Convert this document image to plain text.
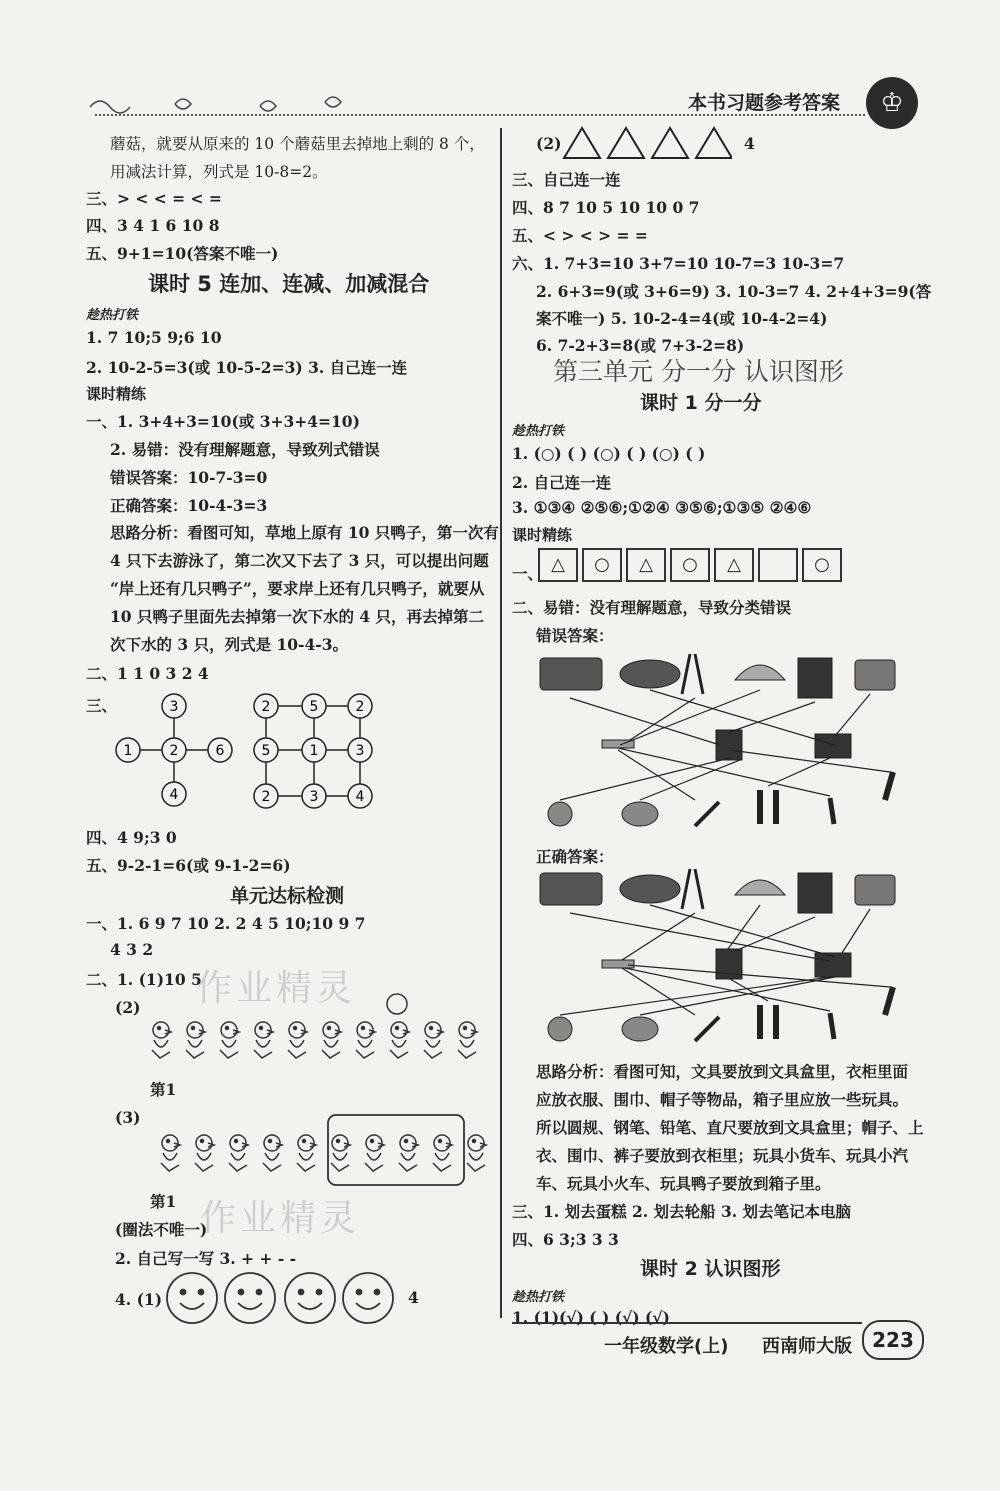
本书习题参考答案	♔
蘑菇，就要从原来的 10 个蘑菇里去掉地上剩的 8 个，
用减法计算，列式是 10-8=2。
三、> < < = < =
四、3 4 1 6 10 8
五、9+1=10(答案不唯一)
课时 5 连加、连减、加减混合
趁热打铁
1. 7 10;5 9;6 10
2. 10-2-5=3(或 10-5-2=3) 3. 自己连一连
课时精练
一、1. 3+4+3=10(或 3+3+4=10)
2. 易错：没有理解题意，导致列式错误
错误答案：10-7-3=0
正确答案：10-4-3=3
思路分析：看图可知，草地上原有 10 只鸭子，第一次有
4 只下去游泳了，第二次又下去了 3 只，可以提出问题
“岸上还有几只鸭子”，要求岸上还有几只鸭子，就要从
10 只鸭子里面先去掉第一次下水的 4 只，再去掉第二
次下水的 3 只，列式是 10-4-3。
二、1 1 0 3 2 4
三、	3
1	2	6
4
2	5	2
5	1	3
2	3	4
四、4 9;3 0
五、9-2-1=6(或 9-1-2=6)
单元达标检测
一、1. 6 9 7 10 2. 2 4 5 10;10 9 7
4 3 2
二、1. (1)10 5
作业精灵
(2)
第1
(3)
第1 作业精灵
(圈法不唯一)
2. 自己写一写 3. + + - -
4. (1)	4
(2)	4
三、自己连一连
四、8 7 10 5 10 10 0 7
五、< > < > = =
六、1. 7+3=10 3+7=10 10-7=3 10-3=7
2. 6+3=9(或 3+6=9) 3. 10-3=7 4. 2+4+3=9(答
案不唯一) 5. 10-2-4=4(或 10-4-2=4)
6. 7-2+3=8(或 7+3-2=8)
第三单元 分一分 认识图形
课时 1 分一分
趁热打铁
1. (○) ( ) (○) ( ) (○) ( )
2. 自己连一连
3. ①③④ ②⑤⑥;①②④ ③⑤⑥;①③⑤ ②④⑥
课时精练
一、 △	○	△	○	△	○
二、易错：没有理解题意，导致分类错误
错误答案：
正确答案：
思路分析：看图可知，文具要放到文具盒里，衣柜里面
应放衣服、围巾、帽子等物品，箱子里应放一些玩具。
所以圆规、钢笔、铅笔、直尺要放到文具盒里；帽子、上
衣、围巾、裤子要放到衣柜里；玩具小货车、玩具小汽
车、玩具小火车、玩具鸭子要放到箱子里。
三、1. 划去蛋糕 2. 划去轮船 3. 划去笔记本电脑
四、6 3;3 3 3
课时 2 认识图形
趁热打铁
1. (1)(√) ( ) (√) (√)
一年级数学(上) 西南师大版	223
